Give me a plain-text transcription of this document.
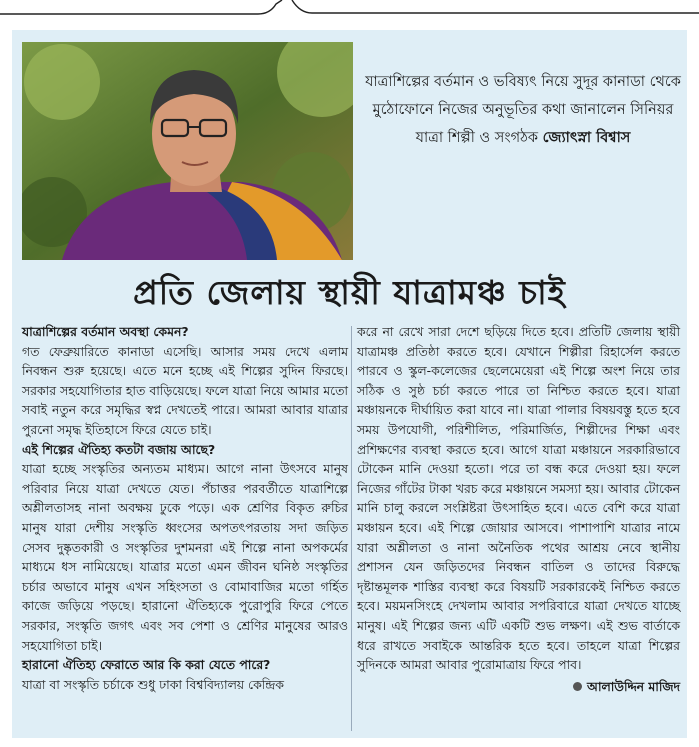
যাত্রাশিল্পের বর্তমান ও ভবিষ্যৎ নিয়ে সুদূর কানাডা থেকে মুঠোফোনে নিজের অনুভূতির কথা জানালেন সিনিয়র যাত্রা শিল্পী ও সংগঠক জ্যোৎস্না বিশ্বাস
প্রতি জেলায় স্থায়ী যাত্রামঞ্চ চাই
যাত্রাশিল্পের বর্তমান অবস্থা কেমন?
গত ফেব্রুয়ারিতে কানাডা এসেছি। আসার সময় দেখে এলাম নিবন্ধন শুরু হয়েছে। এতে মনে হচ্ছে এই শিল্পের সুদিন ফিরছে। সরকার সহযোগিতার হাত বাড়িয়েছে। ফলে যাত্রা নিয়ে আমার মতো সবাই নতুন করে সমৃদ্ধির স্বপ্ন দেখতেই পারে। আমরা আবার যাত্রার পুরনো সমৃদ্ধ ইতিহাসে ফিরে যেতে চাই।
এই শিল্পের ঐতিহ্য কতটা বজায় আছে?
যাত্রা হচ্ছে সংস্কৃতির অন্যতম মাধ্যম। আগে নানা উৎসবে মানুষ পরিবার নিয়ে যাত্রা দেখতে যেত। পঁচাত্তর পরবর্তীতে যাত্রাশিল্পে অশ্লীলতাসহ নানা অবক্ষয় ঢুকে পড়ে। এক শ্রেণির বিকৃত রুচির মানুষ যারা দেশীয় সংস্কৃতি ধ্বংসের অপতৎপরতায় সদা জড়িত সেসব দুষ্কৃতকারী ও সংস্কৃতির দুশমনরা এই শিল্পে নানা অপকর্মের মাধ্যমে ধস নামিয়েছে। যাত্রার মতো এমন জীবন ঘনিষ্ঠ সংস্কৃতির চর্চার অভাবে মানুষ এখন সহিংসতা ও বোমাবাজির মতো গর্হিত কাজে জড়িয়ে পড়ছে। হারানো ঐতিহ্যকে পুরোপুরি ফিরে পেতে সরকার, সংস্কৃতি জগৎ এবং সব পেশা ও শ্রেণির মানুষের আরও সহযোগিতা চাই।
হারানো ঐতিহ্য ফেরাতে আর কি করা যেতে পারে?
যাত্রা বা সংস্কৃতি চর্চাকে শুধু ঢাকা বিশ্ববিদ্যালয় কেন্দ্রিক
করে না রেখে সারা দেশে ছড়িয়ে দিতে হবে। প্রতিটি জেলায় স্থায়ী যাত্রামঞ্চ প্রতিষ্ঠা করতে হবে। যেখানে শিল্পীরা রিহার্সেল করতে পারবে ও স্কুল-কলেজের ছেলেমেয়েরা এই শিল্পে অংশ নিয়ে তার সঠিক ও সুষ্ঠ চর্চা করতে পারে তা নিশ্চিত করতে হবে। যাত্রা মঞ্চায়নকে দীর্ঘায়িত করা যাবে না। যাত্রা পালার বিষয়বস্তু হতে হবে সময় উপযোগী, পরিশীলিত, পরিমার্জিত, শিল্পীদের শিক্ষা এবং প্রশিক্ষণের ব্যবস্থা করতে হবে। আগে যাত্রা মঞ্চায়নে সরকারিভাবে টোকেন মানি দেওয়া হতো। পরে তা বন্ধ করে দেওয়া হয়। ফলে নিজের গাঁটের টাকা খরচ করে মঞ্চায়নে সমস্যা হয়। আবার টোকেন মানি চালু করলে সংশ্লিষ্টরা উৎসাহিত হবে। এতে বেশি করে যাত্রা মঞ্চায়ন হবে। এই শিল্পে জোয়ার আসবে। পাশাপাশি যাত্রার নামে যারা অশ্লীলতা ও নানা অনৈতিক পথের আশ্রয় নেবে স্থানীয় প্রশাসন যেন জড়িতদের নিবন্ধন বাতিল ও তাদের বিরুদ্ধে দৃষ্টান্তমূলক শাস্তির ব্যবস্থা করে বিষয়টি সরকারকেই নিশ্চিত করতে হবে। ময়মনসিংহে দেখলাম আবার সপরিবারে যাত্রা দেখতে যাচ্ছে মানুষ। এই শিল্পের জন্য এটি একটি শুভ লক্ষণ। এই শুভ বার্তাকে ধরে রাখতে সবাইকে আন্তরিক হতে হবে। তাহলে যাত্রা শিল্পের সুদিনকে আমরা আবার পুরোমাত্রায় ফিরে পাব।
আলাউদ্দিন মাজিদ
